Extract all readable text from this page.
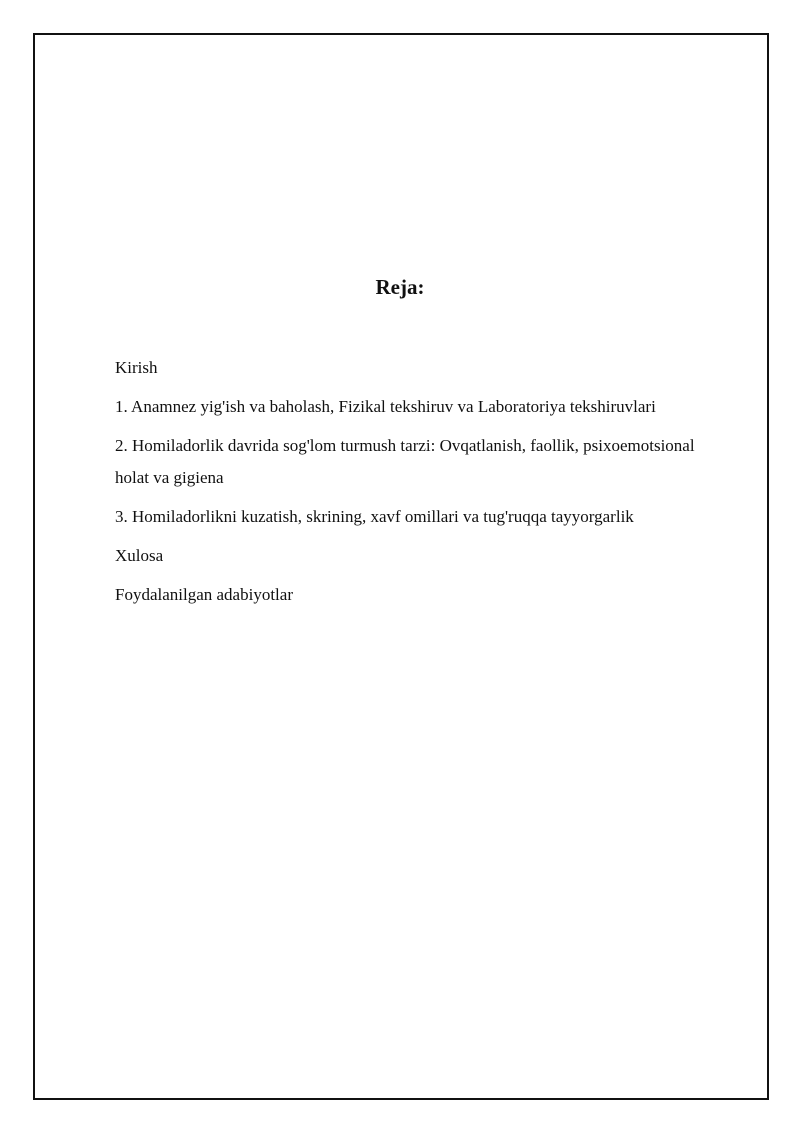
Reja:
Kirish
1. Anamnez yig'ish va baholash, Fizikal tekshiruv va Laboratoriya tekshiruvlari
2. Homiladorlik davrida sog'lom turmush tarzi: Ovqatlanish, faollik, psixoemotsional holat va gigiena
3. Homiladorlikni kuzatish, skrining, xavf omillari va tug'ruqqa tayyorgarlik
Xulosa
Foydalanilgan adabiyotlar
